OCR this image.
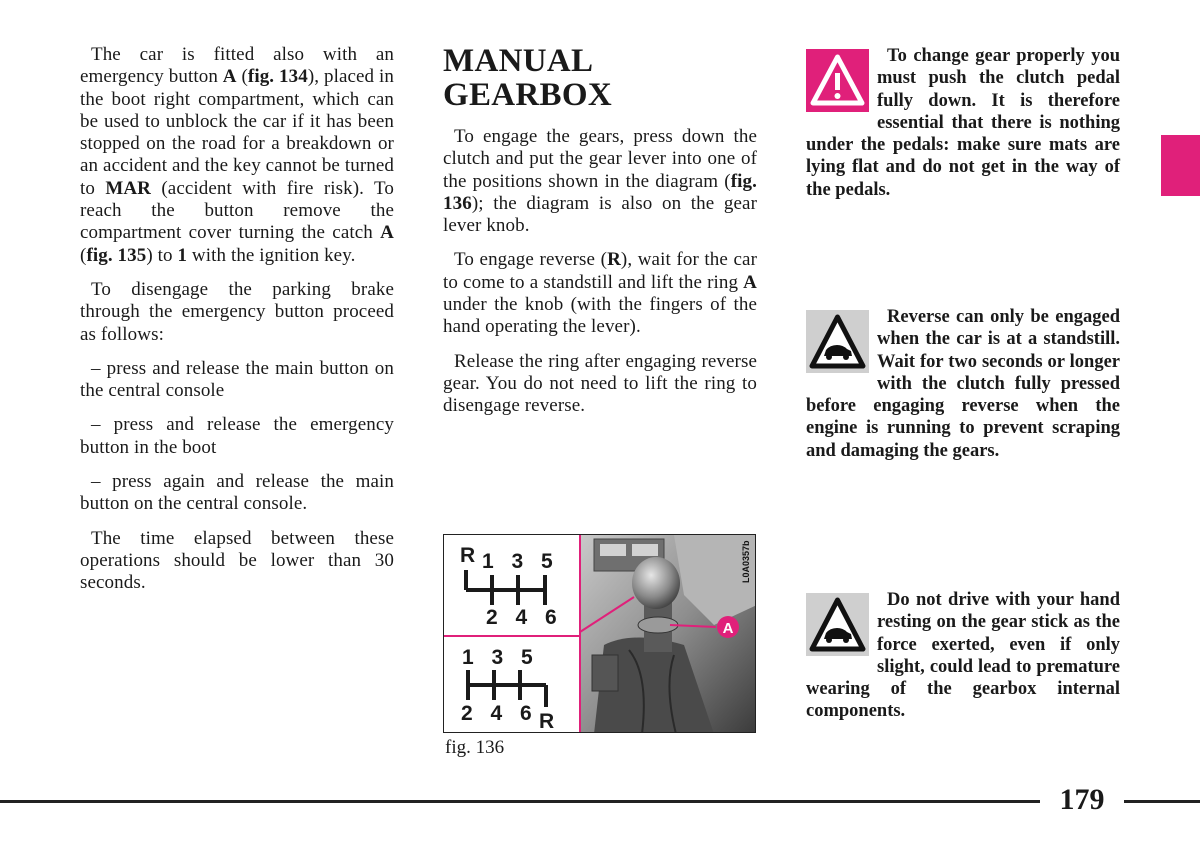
The car is fitted also with an emergency button A (fig. 134), placed in the boot right compartment, which can be used to unblock the car if it has been stopped on the road for a breakdown or an accident and the key cannot be turned to MAR (accident with fire risk). To reach the button remove the compartment cover turning the catch A (fig. 135) to 1 with the ignition key.

To disengage the parking brake through the emergency button proceed as follows:

– press and release the main button on the central console

– press and release the emergency button in the boot

– press again and release the main button on the central console.

The time elapsed between these operations should be lower than 30 seconds.

MANUAL GEARBOX

To engage the gears, press down the clutch and put the gear lever into one of the positions shown in the diagram (fig. 136); the diagram is also on the gear lever knob.

To engage reverse (R), wait for the car to come to a standstill and lift the ring A under the knob (with the fingers of the hand operating the lever).

Release the ring after engaging reverse gear. You do not need to lift the ring to disengage reverse.

A
L0A0357b
R 1 3 5
2 4 6
1 3 5
2 4 6 R
fig. 136

To change gear properly you must push the clutch pedal fully down. It is therefore essential that there is nothing under the pedals: make sure mats are lying flat and do not get in the way of the pedals.

Reverse can only be engaged when the car is at a standstill. Wait for two seconds or longer with the clutch fully pressed before engaging reverse when the engine is running to prevent scraping and damaging the gears.

Do not drive with your hand resting on the gear stick as the force exerted, even if only slight, could lead to premature wearing of the gearbox internal components.

179
